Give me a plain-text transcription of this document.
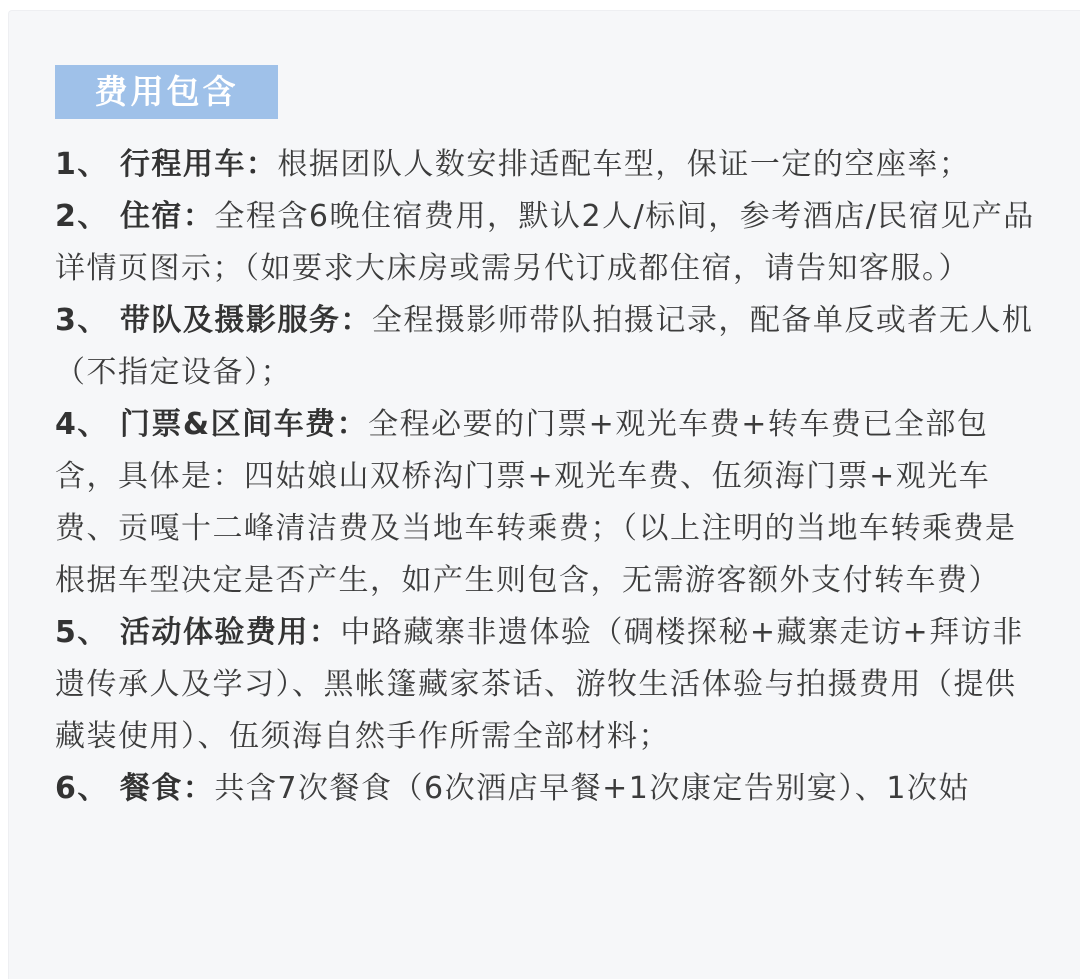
费用包含

1、 行程用车：根据团队人数安排适配车型，保证一定的空座率；

2、 住宿：全程含6晚住宿费用，默认2人/标间，参考酒店/民宿见产品详情页图示；（如要求大床房或需另代订成都住宿，请告知客服。）

3、 带队及摄影服务：全程摄影师带队拍摄记录，配备单反或者无人机（不指定设备）；

4、 门票&区间车费：全程必要的门票+观光车费+转车费已全部包含，具体是：四姑娘山双桥沟门票+观光车费、伍须海门票+观光车费、贡嘎十二峰清洁费及当地车转乘费；（以上注明的当地车转乘费是根据车型决定是否产生，如产生则包含，无需游客额外支付转车费）

5、 活动体验费用：中路藏寨非遗体验（碉楼探秘+藏寨走访+拜访非遗传承人及学习）、黑帐篷藏家茶话、游牧生活体验与拍摄费用（提供藏装使用）、伍须海自然手作所需全部材料；

6、 餐食：共含7次餐食（6次酒店早餐+1次康定告别宴）、1次姑
